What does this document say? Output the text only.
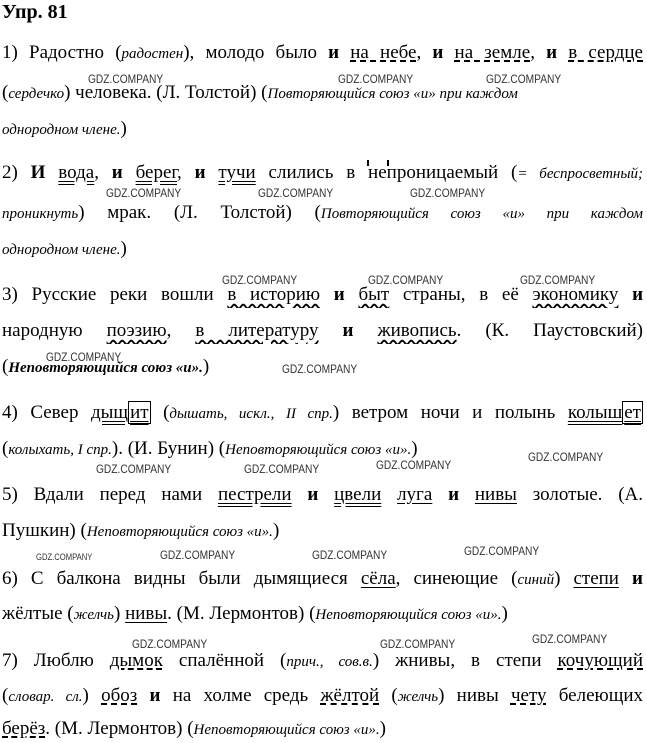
Упр. 81
GDZ.COMPANY	GDZ.COMPANY	GDZ.COMPANY
GDZ.COMPANY	GDZ.COMPANY	GDZ.COMPANY
GDZ.COMPANY	GDZ.COMPANY	GDZ.COMPANY
GDZ.COMPANY
GDZ.COMPANY
GDZ.COMPANY	GDZ.COMPANY	GDZ.COMPANY
GDZ.COMPANY
GDZ.COMPANY	GDZ.COMPANY	GDZ.COMPANY	GDZ.COMPANY
GDZ.COMPANY	GDZ.COMPANY	GDZ.COMPANY
1) Радостно (радостен), молодо было и на небе, и на земле, и в сердце
(сердечко) человека. (Л. Толстой) (Повторяющийся союз «и» при каждом
однородном члене.)
2) И вода, и берег, и тучи слились в непроницаемый (= беспросветный;
проникнуть) мрак. (Л. Толстой) (Повторяющийся союз «и» при каждом
однородном члене.)
3) Русские реки вошли в историю и быт страны, в её экономику и
народную поэзию, в литературу и живопись. (К. Паустовский)
(Неповторяющийся союз «и».)
4) Север дыщ ит (дышать, искл., II спр.) ветром ночи и полынь колыш ет
(колыхать, I спр.). (И. Бунин) (Неповторяющийся союз «и».)
5) Вдали перед нами пестрели и цвели луга и нивы золотые. (А.
Пушкин) (Неповторяющийся союз «и».)
6) С балкона видны были дымящиеся сёла, синеющие (синий) степи и
жёлтые (желчь) нивы. (М. Лермонтов) (Неповторяющийся союз «и».)
7) Люблю дымок спалённой (прич., сов.в.) жнивы, в степи кочующий
(словар. сл.) обоз и на холме средь жёлтой (желчь) нивы чету белеющих
берёз. (М. Лермонтов) (Неповторяющийся союз «и».)
